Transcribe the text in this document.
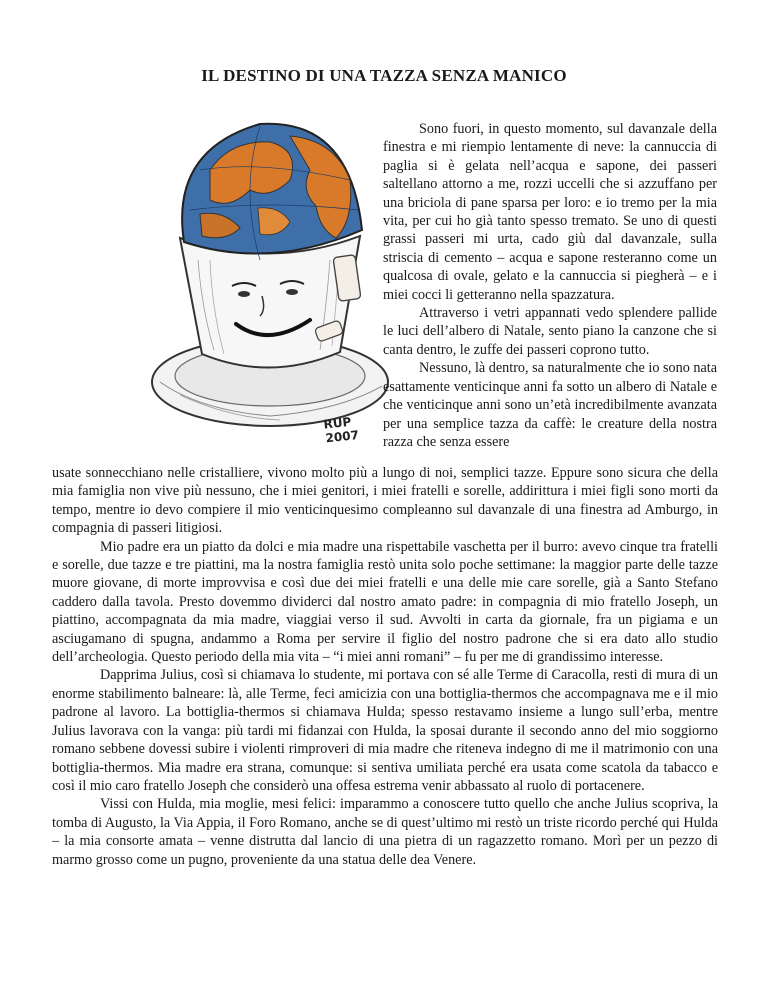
IL DESTINO DI UNA TAZZA SENZA MANICO
RUP
2007

Sono fuori, in questo momento, sul davanzale della finestra e mi riempio lentamente di neve: la cannuccia di paglia si è gelata nell’acqua e sapone, dei passeri saltellano attorno a me, rozzi uccelli che si azzuffano per una briciola di pane sparsa per loro: e io tremo per la mia vita, per cui ho già tanto spesso tremato. Se uno di questi grassi passeri mi urta, cado giù dal davanzale, sulla striscia di cemento – acqua e sapone resteranno come un qualcosa di ovale, gelato e la cannuccia si piegherà – e i miei cocci li getteranno nella spazzatura.

Attraverso i vetri appannati vedo splendere pallide le luci dell’albero di Natale, sento piano la canzone che si canta dentro, le zuffe dei passeri coprono tutto.

Nessuno, là dentro, sa naturalmente che io sono nata esattamente venticinque anni fa sotto un albero di Natale e che venticinque anni sono un’età incredibilmente avanzata per una semplice tazza da caffè: le creature della nostra razza che senza essere

usate sonnecchiano nelle cristalliere, vivono molto più a lungo di noi, semplici tazze. Eppure sono sicura che della mia famiglia non vive più nessuno, che i miei genitori, i miei fratelli e sorelle, addirittura i miei figli sono morti da tempo, mentre io devo compiere il mio venticinquesimo compleanno sul davanzale di una finestra ad Amburgo, in compagnia di passeri litigiosi.

Mio padre era un piatto da dolci e mia madre una rispettabile vaschetta per il burro: avevo cinque tra fratelli e sorelle, due tazze e tre piattini, ma la nostra famiglia restò unita solo poche settimane: la maggior parte delle tazze muore giovane, di morte improvvisa e così due dei miei fratelli e una delle mie care sorelle, già a Santo Stefano caddero dalla tavola. Presto dovemmo dividerci dal nostro amato padre: in compagnia di mio fratello Joseph, un piattino, accompagnata da mia madre, viaggiai verso il sud. Avvolti in carta da giornale, fra un pigiama e un asciugamano di spugna, andammo a Roma per servire il figlio del nostro padrone che si era dato allo studio dell’archeologia. Questo periodo della mia vita – “i miei anni romani” – fu per me di grandissimo interesse.

Dapprima Julius, così si chiamava lo studente, mi portava con sé alle Terme di Caracolla, resti di mura di un enorme stabilimento balneare: là, alle Terme, feci amicizia con una bottiglia-thermos che accompagnava me e il mio padrone al lavoro. La bottiglia-thermos si chiamava Hulda; spesso restavamo insieme a lungo sull’erba, mentre Julius lavorava con la vanga: più tardi mi fidanzai con Hulda, la sposai durante il secondo anno del mio soggiorno romano sebbene dovessi subire i violenti rimproveri di mia madre che riteneva indegno di me il matrimonio con una bottiglia-thermos. Mia madre era strana, comunque: si sentiva umiliata perché era usata come scatola da tabacco e così il mio caro fratello Joseph che considerò una offesa estrema venir abbassato al ruolo di portacenere.

Vissi con Hulda, mia moglie, mesi felici: imparammo a conoscere tutto quello che anche Julius scopriva, la tomba di Augusto, la Via Appia, il Foro Romano, anche se di quest’ultimo mi restò un triste ricordo perché qui Hulda – la mia consorte amata – venne distrutta dal lancio di una pietra di un ragazzetto romano. Morì per un pezzo di marmo grosso come un pugno, proveniente da una statua delle dea Venere.
